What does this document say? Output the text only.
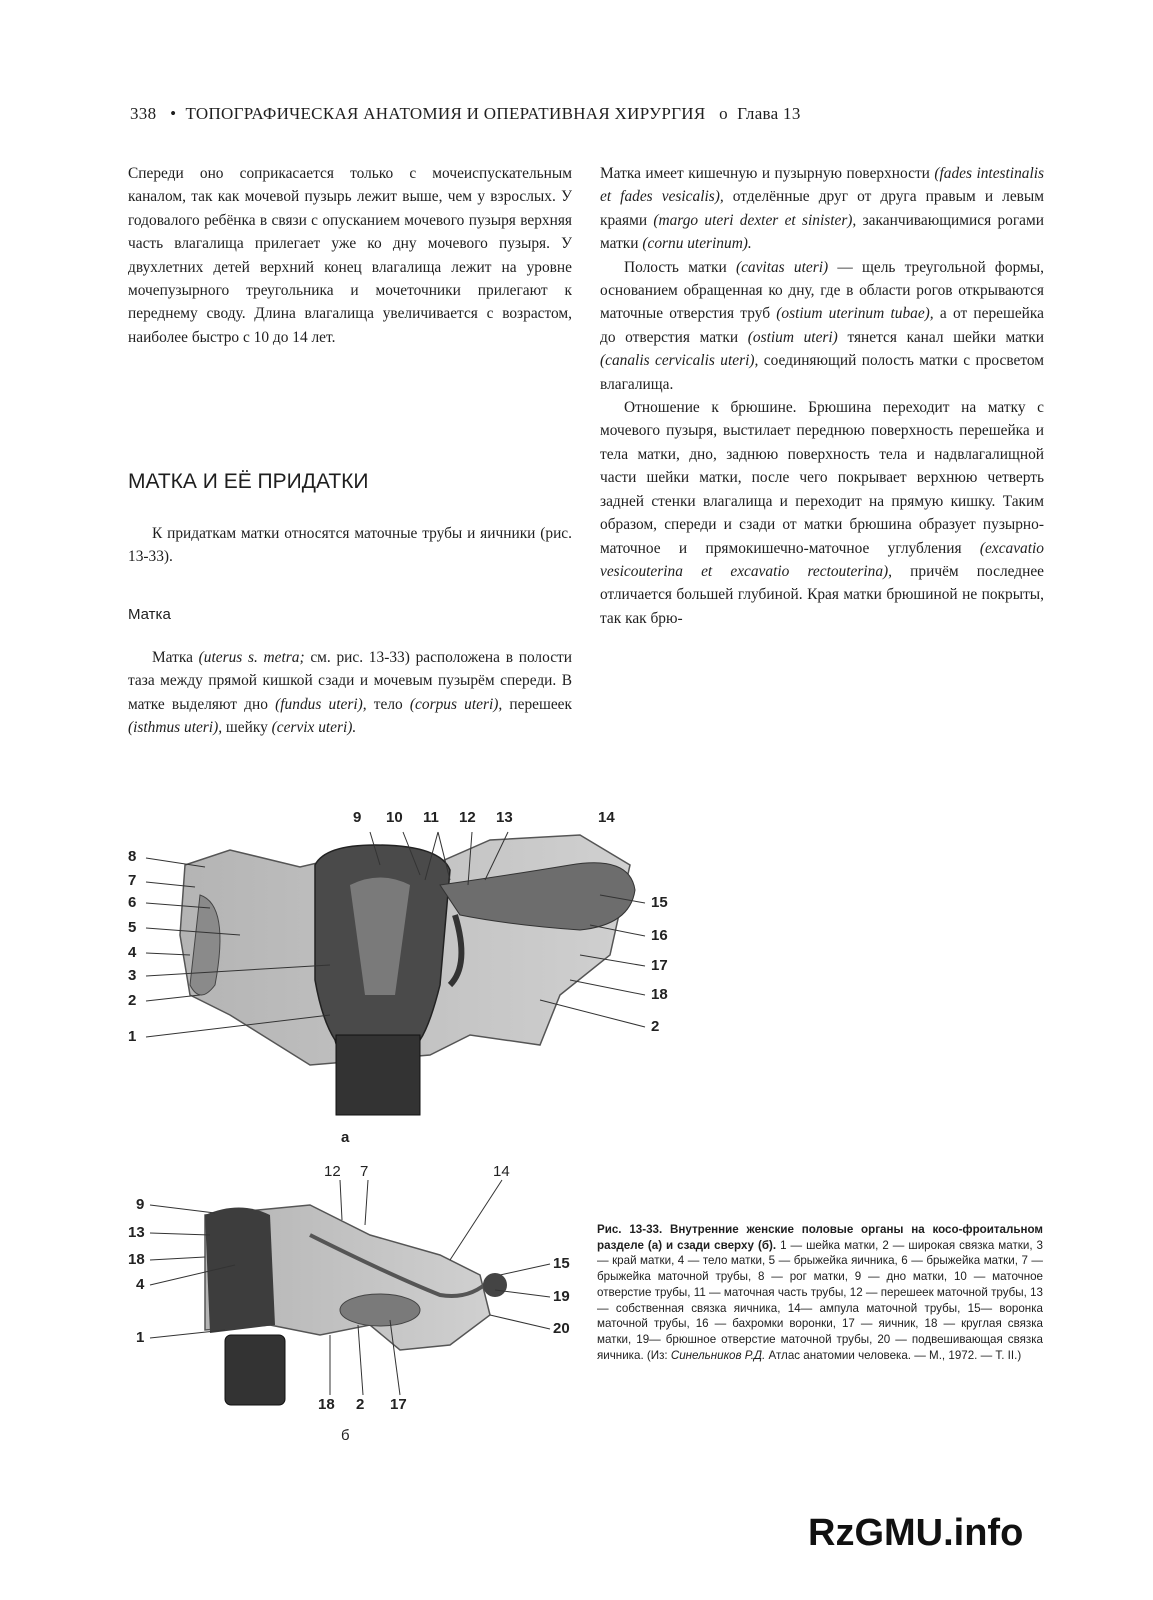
338 • ТОПОГРАФИЧЕСКАЯ АНАТОМИЯ И ОПЕРАТИВНАЯ ХИРУРГИЯ о Глава 13

Спереди оно соприкасается только с мочеиспускательным каналом, так как мочевой пузырь лежит выше, чем у взрослых. У годовалого ребёнка в связи с опусканием мочевого пузыря верхняя часть влагалища прилегает уже ко дну мочевого пузыря. У двухлетних детей верхний конец влагалища лежит на уровне мочепузырного треугольника и мочеточники прилегают к переднему своду. Длина влагалища увеличивается с возрастом, наиболее быстро с 10 до 14 лет.

МАТКА И ЕЁ ПРИДАТКИ

К придаткам матки относятся маточные трубы и яичники (рис. 13-33).

Матка

Матка (uterus s. metra; см. рис. 13-33) расположена в полости таза между прямой кишкой сзади и мочевым пузырём спереди. В матке выделяют дно (fundus uteri), тело (corpus uteri), перешеек (isthmus uteri), шейку (cervix uteri).

Матка имеет кишечную и пузырную поверхности (fades intestinalis et fades vesicalis), отделённые друг от друга правым и левым краями (margo uteri dexter et sinister), заканчивающимися рогами матки (cornu uterinum).

Полость матки (cavitas uteri) — щель треугольной формы, основанием обращенная ко дну, где в области рогов открываются маточные отверстия труб (ostium uterinum tubae), а от перешейка до отверстия матки (ostium uteri) тянется канал шейки матки (canalis cervicalis uteri), соединяющий полость матки с просветом влагалища.

Отношение к брюшине. Брюшина переходит на матку с мочевого пузыря, выстилает переднюю поверхность перешейка и тела матки, дно, заднюю поверхность тела и надвлагалищной части шейки матки, после чего покрывает верхнюю четверть задней стенки влагалища и переходит на прямую кишку. Таким образом, спереди и сзади от матки брюшина образует пузырно-маточное и прямокишечно-маточное углубления (excavatio vesicouterina et excavatio rectouterina), причём последнее отличается большей глубиной. Края матки брюшиной не покрыты, так как брю-

9 10 11 12 13	14
8
7
6
5
4
3
2
1
15
16
17
18
2
а
12 7	14
9
13
18
4
1
15
19
20
18 2 17
б
Рис. 13-33. Внутренние женские половые органы на косо-фроитальном разделе (а) и сзади сверху (б). 1 — шейка матки, 2 — широкая связка матки, 3 — край матки, 4 — тело матки, 5 — брыжейка яичника, 6 — брыжейка матки, 7 — брыжейка маточной трубы, 8 — рог матки, 9 — дно матки, 10 — маточное отверстие трубы, 11 — маточная часть трубы, 12 — перешеек маточной трубы, 13 — собственная связка яичника, 14— ампула маточной трубы, 15— воронка маточной трубы, 16 — бахромки воронки, 17 — яичник, 18 — круглая связка матки, 19— брюшное отверстие маточной трубы, 20 — подвешивающая связка яичника. (Из: Синельников Р.Д. Атлас анатомии человека. — М., 1972. — Т. II.)
RzGMU.info
